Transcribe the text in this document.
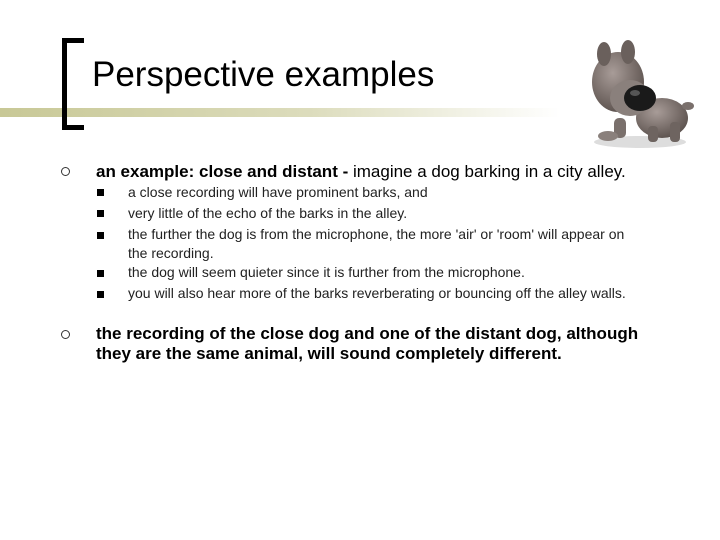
Perspective examples

an example: close and distant - imagine a dog barking in a city alley.

a close recording will have prominent barks, and

very little of the echo of the barks in the alley.

the further the dog is from the microphone, the more 'air' or 'room' will appear on the recording.

the dog will seem quieter since it is further from the microphone.

you will also hear more of the barks reverberating or bouncing off the alley walls.

the recording of the close dog and one of the distant dog, although they are the same animal, will sound completely different.
